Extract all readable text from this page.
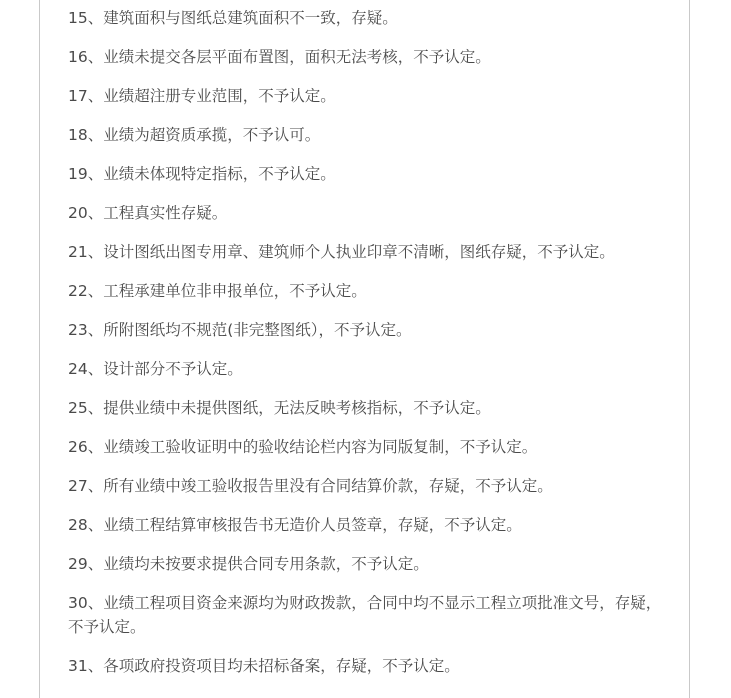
15、建筑面积与图纸总建筑面积不一致，存疑。
16、业绩未提交各层平面布置图，面积无法考核，不予认定。
17、业绩超注册专业范围，不予认定。
18、业绩为超资质承揽，不予认可。
19、业绩未体现特定指标，不予认定。
20、工程真实性存疑。
21、设计图纸出图专用章、建筑师个人执业印章不清晰，图纸存疑，不予认定。
22、工程承建单位非申报单位，不予认定。
23、所附图纸均不规范(非完整图纸），不予认定。
24、设计部分不予认定。
25、提供业绩中未提供图纸，无法反映考核指标，不予认定。
26、业绩竣工验收证明中的验收结论栏内容为同版复制，不予认定。
27、所有业绩中竣工验收报告里没有合同结算价款，存疑，不予认定。
28、业绩工程结算审核报告书无造价人员签章，存疑，不予认定。
29、业绩均未按要求提供合同专用条款，不予认定。
30、业绩工程项目资金来源均为财政拨款，合同中均不显示工程立项批准文号，存疑，不予认定。
31、各项政府投资项目均未招标备案，存疑，不予认定。
